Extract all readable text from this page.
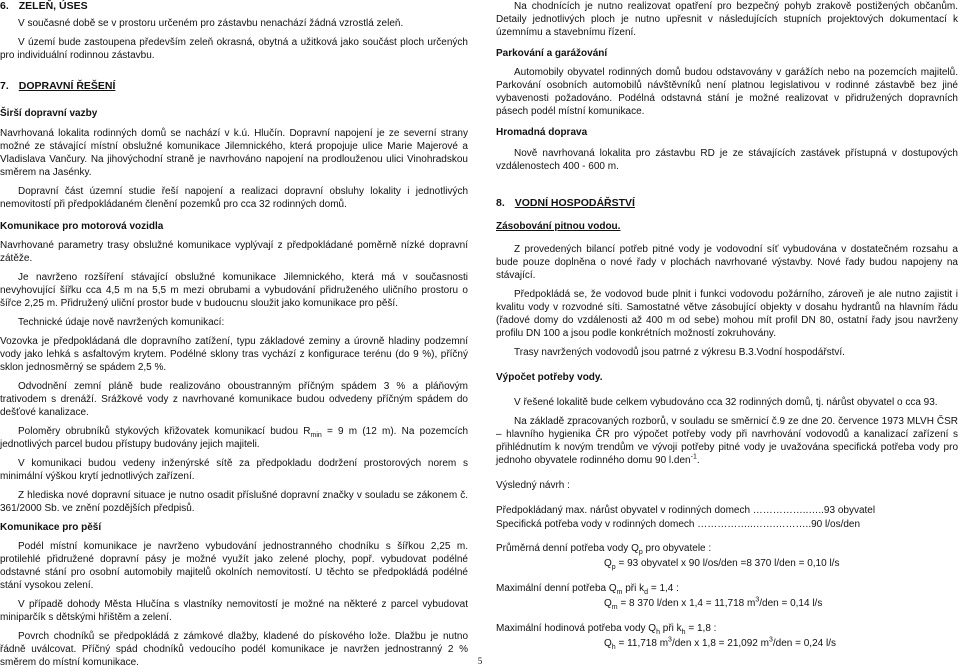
6. ZELEŇ, ÚSES

V současné době se v prostoru určeném pro zástavbu nenachází žádná vzrostlá zeleň.

V území bude zastoupena především zeleň okrasná, obytná a užitková jako součást ploch určených pro individuální rodinnou zástavbu.

7. DOPRAVNÍ ŘEŠENÍ
Širší dopravní vazby

Navrhovaná lokalita rodinných domů se nachází v k.ú. Hlučín. Dopravní napojení je ze severní strany možné ze stávající místní obslužné komunikace Jilemnického, která propojuje ulice Marie Majerové a Vladislava Vančury. Na jihovýchodní straně je navrhováno napojení na prodlouženou ulici Vinohradskou směrem na Jasénky.

Dopravní část územní studie řeší napojení a realizaci dopravní obsluhy lokality i jednotlivých nemovitostí při předpokládaném členění pozemků pro cca 32 rodinných domů.

Komunikace pro motorová vozidla

Navrhované parametry trasy obslužné komunikace vyplývají z předpokládané poměrně nízké dopravní zátěže.

Je navrženo rozšíření stávající obslužné komunikace Jilemnického, která má v současnosti nevyhovující šířku cca 4,5 m na 5,5 m mezi obrubami a vybudování přidruženého uličního prostoru o šířce 2,25 m. Přidružený uliční prostor bude v budoucnu sloužit jako komunikace pro pěší.

Technické údaje nově navržených komunikací:

Vozovka je předpokládaná dle dopravního zatížení, typu základové zeminy a úrovně hladiny podzemní vody jako lehká s asfaltovým krytem. Podélné sklony tras vychází z konfigurace terénu (do 9 %), příčný sklon jednosměrný se spádem 2,5 %.

Odvodnění zemní pláně bude realizováno oboustranným příčným spádem 3 % a pláňovým trativodem s drenáží. Srážkové vody z navrhované komunikace budou odvedeny příčným spádem do dešťové kanalizace.

Poloměry obrubníků stykových křižovatek komunikací budou $R_{min} = 9$ m (12 m). Na pozemcích jednotlivých parcel budou přístupy budovány jejich majiteli.

V komunikaci budou vedeny inženýrské sítě za předpokladu dodržení prostorových norem s minimální výškou krytí jednotlivých zařízení.

Z hlediska nové dopravní situace je nutno osadit příslušné dopravní značky v souladu se zákonem č. 361/2000 Sb. ve znění pozdějších předpisů.

Komunikace pro pěší

Podél místní komunikace je navrženo vybudování jednostranného chodníku s šířkou 2,25 m. protilehlé přidružené dopravní pásy je možné využít jako zelené plochy, popř. vybudovat podélné odstavné stání pro osobní automobily majitelů okolních nemovitostí. U těchto se předpokládá podélné stání vysokou zelení.

V případě dohody Města Hlučína s vlastníky nemovitostí je možné na některé z parcel vybudovat miniparčík s dětskými hřištěm a zelení.

Povrch chodníků se předpokládá z zámkové dlažby, kladené do pískového lože. Dlažbu je nutno řádně uválcovat. Příčný spád chodníků vedoucího podél komunikace je navržen jednostranný 2 % směrem do místní komunikace.

Na chodnících je nutno realizovat opatření pro bezpečný pohyb zrakově postižených občanům. Detaily jednotlivých ploch je nutno upřesnit v následujících stupních projektových dokumentací k územnímu a stavebnímu řízení.

Parkování a garážování

Automobily obyvatel rodinných domů budou odstavovány v garážích nebo na pozemcích majitelů. Parkování osobních automobilů návštěvníků není platnou legislativou v rodinné zástavbě bez jiné vybavenosti požadováno. Podélná odstavná stání je možné realizovat v přidružených dopravních pásech podél místní komunikace.

Hromadná doprava

Nově navrhovaná lokalita pro zástavbu RD je ze stávajících zastávek přístupná v dostupových vzdálenostech 400 - 600 m.

8. VODNÍ HOSPODÁŘSTVÍ
Zásobování pitnou vodou.

Z provedených bilancí potřeb pitné vody je vodovodní síť vybudována v dostatečném rozsahu a bude pouze doplněna o nové řady v plochách navrhované výstavby. Nové řady budou napojeny na stávající.

Předpokládá se, že vodovod bude plnit i funkci vodovodu požárního, zároveň je ale nutno zajistit i kvalitu vody v rozvodné síti. Samostatné větve zásobující objekty v dosahu hydrantů na hlavním řádu (řadové domy do vzdálenosti až 400 m od sebe) mohou mít profil DN 80, ostatní řady jsou navrženy profilu DN 100 a jsou podle konkrétních možností zokruhovány.

Trasy navržených vodovodů jsou patrné z výkresu B.3.Vodní hospodářství.

Výpočet potřeby vody.

V řešené lokalitě bude celkem vybudováno cca 32 rodinných domů, tj. nárůst obyvatel o cca 93.

Na základě zpracovaných rozborů, v souladu se směrnicí č.9 ze dne 20. července 1973 MLVH ČSR – hlavního hygienika ČR pro výpočet potřeby vody při navrhování vodovodů a kanalizací zařízení s přihlédnutím k novým trendům ve vývoji potřeby pitné vody je uvažována specifická potřeba vody pro jednoho obyvatele rodinného domu 90 l.den$^{-1}$.

Výsledný návrh :

Předpokládaný max. nárůst obyvatel v rodinných domech ……………..…..93 obyvatel

Specifická potřeba vody v rodinných domech ……………..…….………..90 l/os/den

Průměrná denní potřeba vody $Q_p$ pro obyvatele :

$Q_p = 93$ obyvatel x 90 l/os/den =8 370 l/den = 0,10 l/s

Maximální denní potřeba $Q_m$ při $k_d = 1,4$ :

$Q_m = 8$ 370 l/den x 1,4 = 11,718 $m^3$/den = 0,14 l/s

Maximální hodinová potřeba vody $Q_h$ při $k_h = 1,8$ :

$Q_h = 11,718$ $m^3$/den x 1,8 = 21,092 $m^3$/den = 0,24 l/s

5
